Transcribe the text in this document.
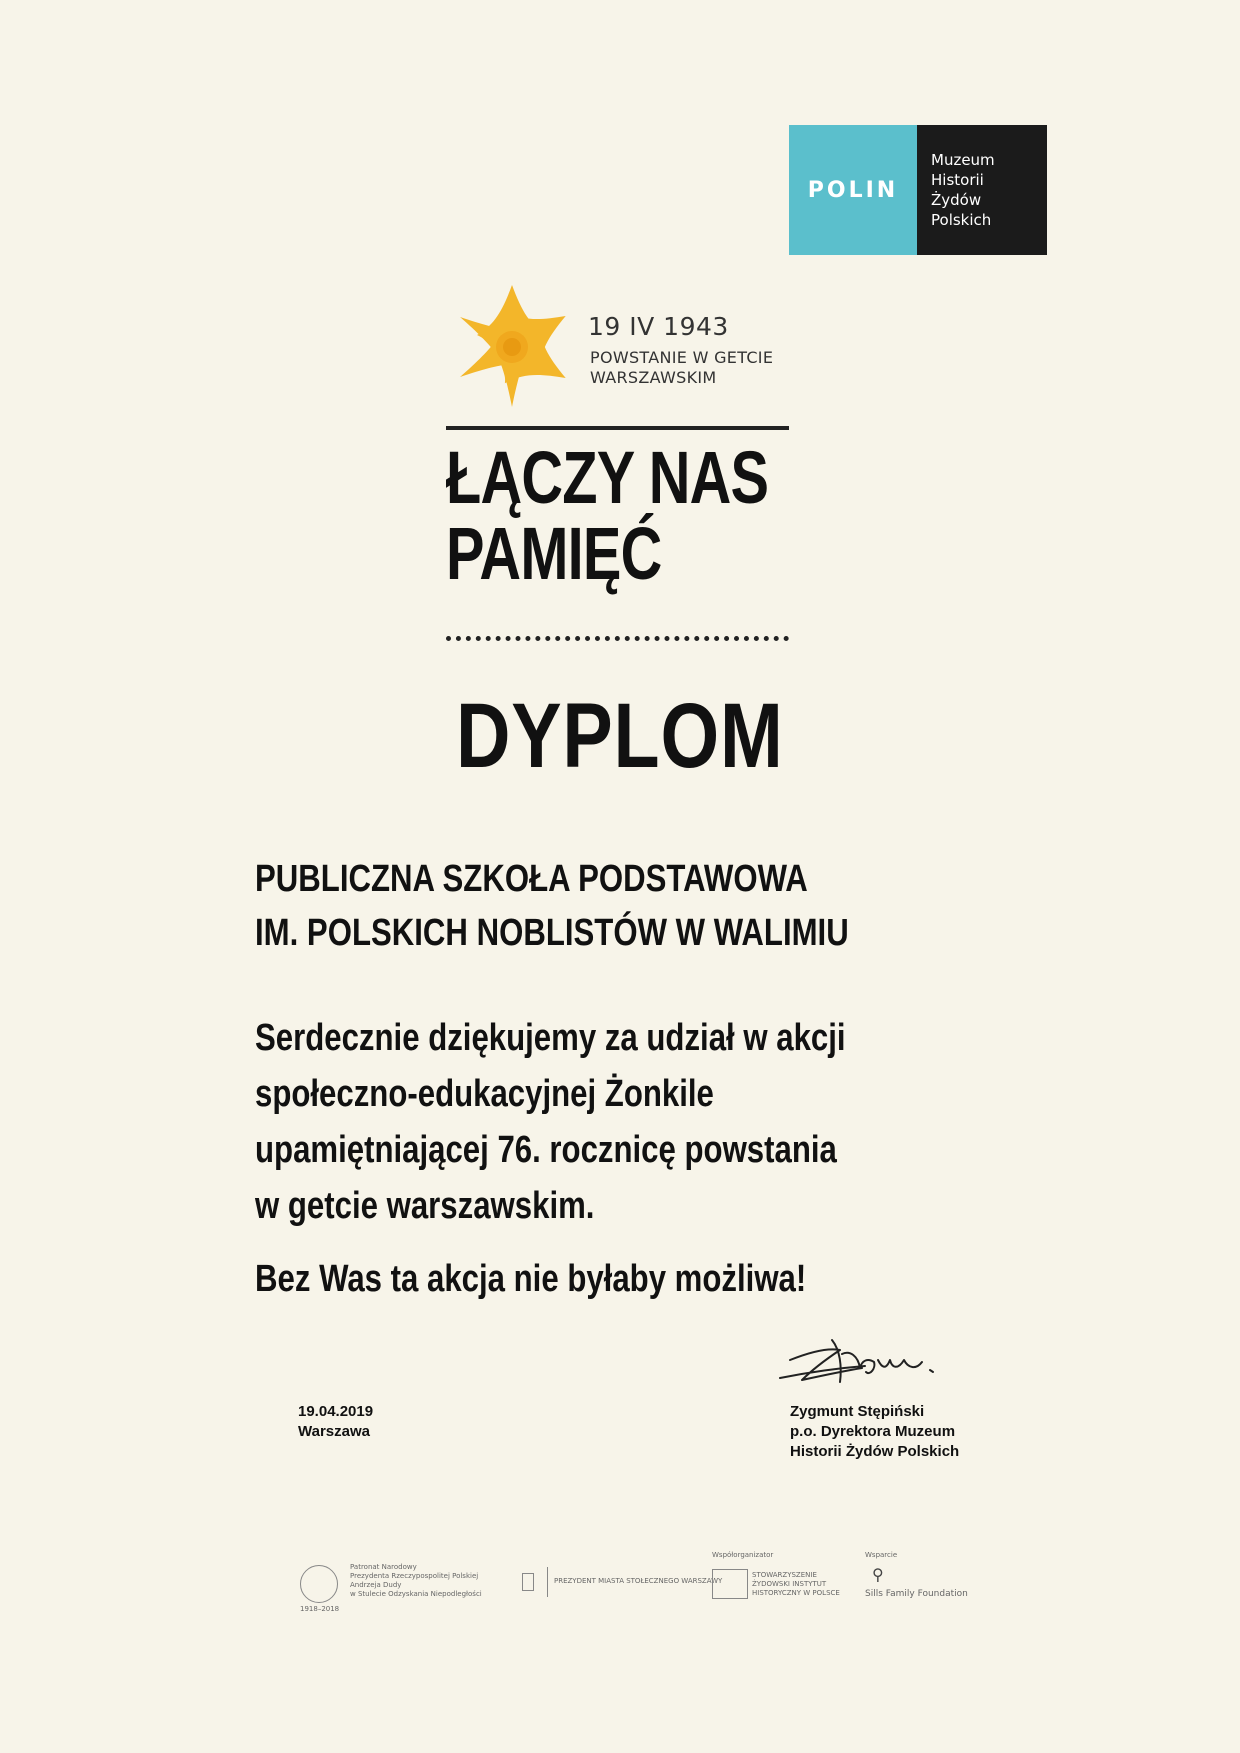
POLIN
Muzeum
Historii
Żydów
Polskich
19 IV 1943
POWSTANIE W GETCIE
WARSZAWSKIM
ŁĄCZY NAS
PAMIĘĆ
DYPLOM
PUBLICZNA SZKOŁA PODSTAWOWA
IM. POLSKICH NOBLISTÓW W WALIMIU
Serdecznie dziękujemy za udział w akcji
społeczno-edukacyjnej Żonkile
upamiętniającej 76. rocznicę powstania
w getcie warszawskim.
Bez Was ta akcja nie byłaby możliwa!
19.04.2019
Warszawa
Zygmunt Stępiński
p.o. Dyrektora Muzeum
Historii Żydów Polskich
1918–2018
Patronat Narodowy
Prezydenta Rzeczypospolitej Polskiej
Andrzeja Dudy
w Stulecie Odzyskania Niepodległości
PREZYDENT MIASTA STOŁECZNEGO WARSZAWY
Współorganizator
STOWARZYSZENIE
ŻYDOWSKI INSTYTUT
HISTORYCZNY W POLSCE
Wsparcie
⚲
Sills Family Foundation
